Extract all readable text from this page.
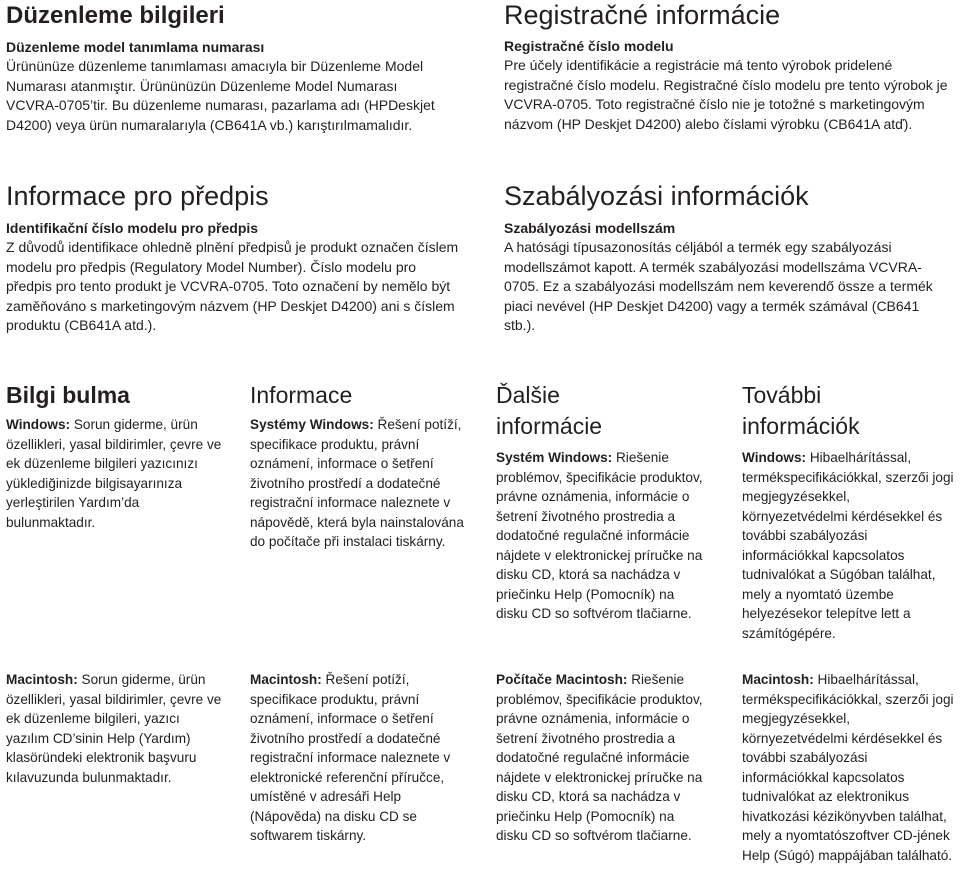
Düzenleme bilgileri
Düzenleme model tanımlama numarası
Ürününüze düzenleme tanımlaması amacıyla bir Düzenleme Model Numarası atanmıştır. Ürününüzün Düzenleme Model Numarası VCVRA-0705’tir. Bu düzenleme numarası, pazarlama adı (HPDeskjet D4200) veya ürün numaralarıyla (CB641A vb.) karıştırılmamalıdır.
Registračné informácie
Registračné číslo modelu
Pre účely identifikácie a registrácie má tento výrobok pridelené registračné číslo modelu. Registračné číslo modelu pre tento výrobok je VCVRA-0705. Toto registračné číslo nie je totožné s marketingovým názvom (HP Deskjet D4200) alebo číslami výrobku (CB641A atď).
Informace pro předpis
Identifikační číslo modelu pro předpis
Z důvodů identifikace ohledně plnění předpisů je produkt označen číslem modelu pro předpis (Regulatory Model Number). Číslo modelu pro předpis pro tento produkt je VCVRA-0705. Toto označení by nemělo být zaměňováno s marketingovým názvem (HP Deskjet D4200) ani s číslem produktu (CB641A atd.).
Szabályozási információk
Szabályozási modellszám
A hatósági típusazonosítás céljából a termék egy szabályozási modellszámot kapott. A termék szabályozási modellszáma VCVRA-0705. Ez a szabályozási modellszám nem keverendő össze a termék piaci nevével (HP Deskjet D4200) vagy a termék számával (CB641 stb.).
Bilgi bulma
Windows: Sorun giderme, ürün özellikleri, yasal bildirimler, çevre ve ek düzenleme bilgileri yazıcınızı yüklediğinizde bilgisayarınıza yerleştirilen Yardım’da bulunmaktadır.
Informace
Systémy Windows: Řešení potíží, specifikace produktu, právní oznámení, informace o šetření životního prostředí a dodatečné registrační informace naleznete v nápovědě, která byla nainstalována do počítače při instalaci tiskárny.
Ďalšie informácie
Systém Windows: Riešenie problémov, špecifikácie produktov, právne oznámenia, informácie o šetrení životného prostredia a dodatočné regulačné informácie nájdete v elektronickej príručke na disku CD, ktorá sa nachádza v priečinku Help (Pomocník) na disku CD so softvérom tlačiarne.
További információk
Windows: Hibaelhárítással, termékspecifikációkkal, szerzői jogi megjegyzésekkel, környezetvédelmi kérdésekkel és további szabályozási információkkal kapcsolatos tudnivalókat a Súgóban találhat, mely a nyomtató üzembe helyezésekor telepítve lett a számítógépére.
Macintosh: Sorun giderme, ürün özellikleri, yasal bildirimler, çevre ve ek düzenleme bilgileri, yazıcı yazılım CD’sinin Help (Yardım) klasöründeki elektronik başvuru kılavuzunda bulunmaktadır.
Macintosh: Řešení potíží, specifikace produktu, právní oznámení, informace o šetření životního prostředí a dodatečné registrační informace naleznete v elektronické referenční příručce, umístěné v adresáři Help (Nápověda) na disku CD se softwarem tiskárny.
Počítače Macintosh: Riešenie problémov, špecifikácie produktov, právne oznámenia, informácie o šetrení životného prostredia a dodatočné regulačné informácie nájdete v elektronickej príručke na disku CD, ktorá sa nachádza v priečinku Help (Pomocník) na disku CD so softvérom tlačiarne.
Macintosh: Hibaelhárítással, termékspecifikációkkal, szerzői jogi megjegyzésekkel, környezetvédelmi kérdésekkel és további szabályozási információkkal kapcsolatos tudnivalókat az elektronikus hivatkozási kézikönyvben találhat, mely a nyomtatószoftver CD-jének Help (Súgó) mappájában található.
